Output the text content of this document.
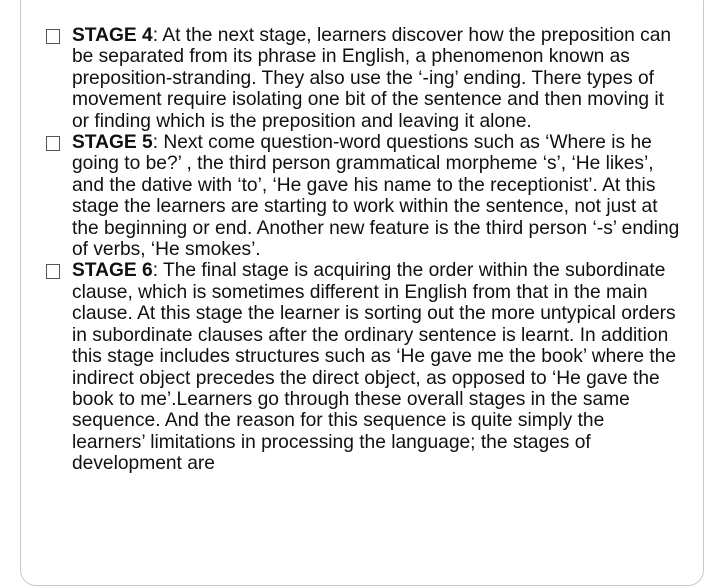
STAGE 4: At the next stage, learners discover how the preposition can be separated from its phrase in English, a phenomenon known as preposition-stranding. They also use the ‘-ing’ ending. There types of movement require isolating one bit of the sentence and then moving it or finding which is the preposition and leaving it alone.
STAGE 5: Next come question-word questions such as ‘Where is he going to be?’ , the third person grammatical morpheme ‘s’, ‘He likes’, and the dative with ‘to’, ‘He gave his name to the receptionist’. At this stage the learners are starting to work within the sentence, not just at the beginning or end. Another new feature is the third person ‘-s’ ending of verbs, ‘He smokes’.
STAGE 6: The final stage is acquiring the order within the subordinate clause, which is sometimes different in English from that in the main clause. At this stage the learner is sorting out the more untypical orders in subordinate clauses after the ordinary sentence is learnt. In addition this stage includes structures such as ‘He gave me the book’ where the indirect object precedes the direct object, as opposed to ‘He gave the book to me’.Learners go through these overall stages in the same sequence. And the reason for this sequence is quite simply the learners’ limitations in processing the language; the stages of development are
